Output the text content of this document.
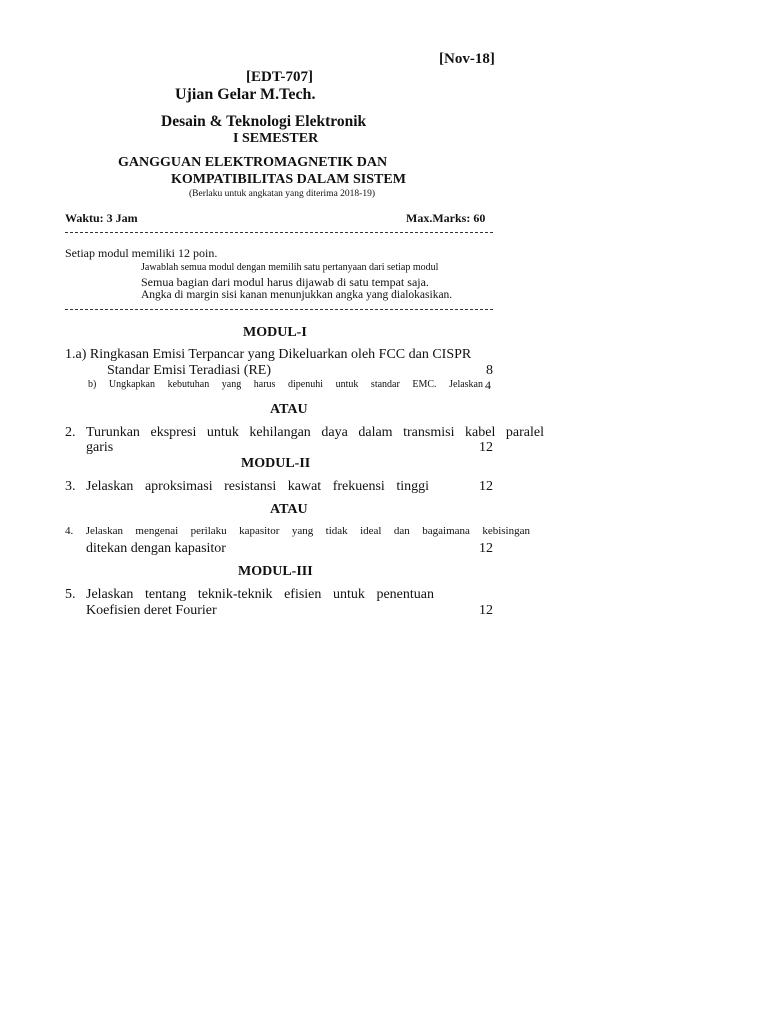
[Nov-18]
[EDT-707]
Ujian Gelar M.Tech.
Desain & Teknologi Elektronik
I SEMESTER
GANGGUAN ELEKTROMAGNETIK DAN
KOMPATIBILITAS DALAM SISTEM
(Berlaku untuk angkatan yang diterima 2018-19)
Waktu: 3 Jam	Max.Marks: 60
Setiap modul memiliki 12 poin.
Jawablah semua modul dengan memilih satu pertanyaan dari setiap modul
Semua bagian dari modul harus dijawab di satu tempat saja.
Angka di margin sisi kanan menunjukkan angka yang dialokasikan.
MODUL-I
1.a) Ringkasan Emisi Terpancar yang Dikeluarkan oleh FCC dan CISPR
Standar Emisi Teradiasi (RE)	8
b) Ungkapkan kebutuhan yang harus dipenuhi untuk standar EMC. Jelaskan 4
ATAU
2. Turunkan ekspresi untuk kehilangan daya dalam transmisi kabel paralel
garis	12
MODUL-II
3. Jelaskan aproksimasi resistansi kawat frekuensi tinggi	12
ATAU
4. Jelaskan mengenai perilaku kapasitor yang tidak ideal dan bagaimana kebisingan
ditekan dengan kapasitor	12
MODUL-III
5. Jelaskan tentang teknik-teknik efisien untuk penentuan
Koefisien deret Fourier	12
